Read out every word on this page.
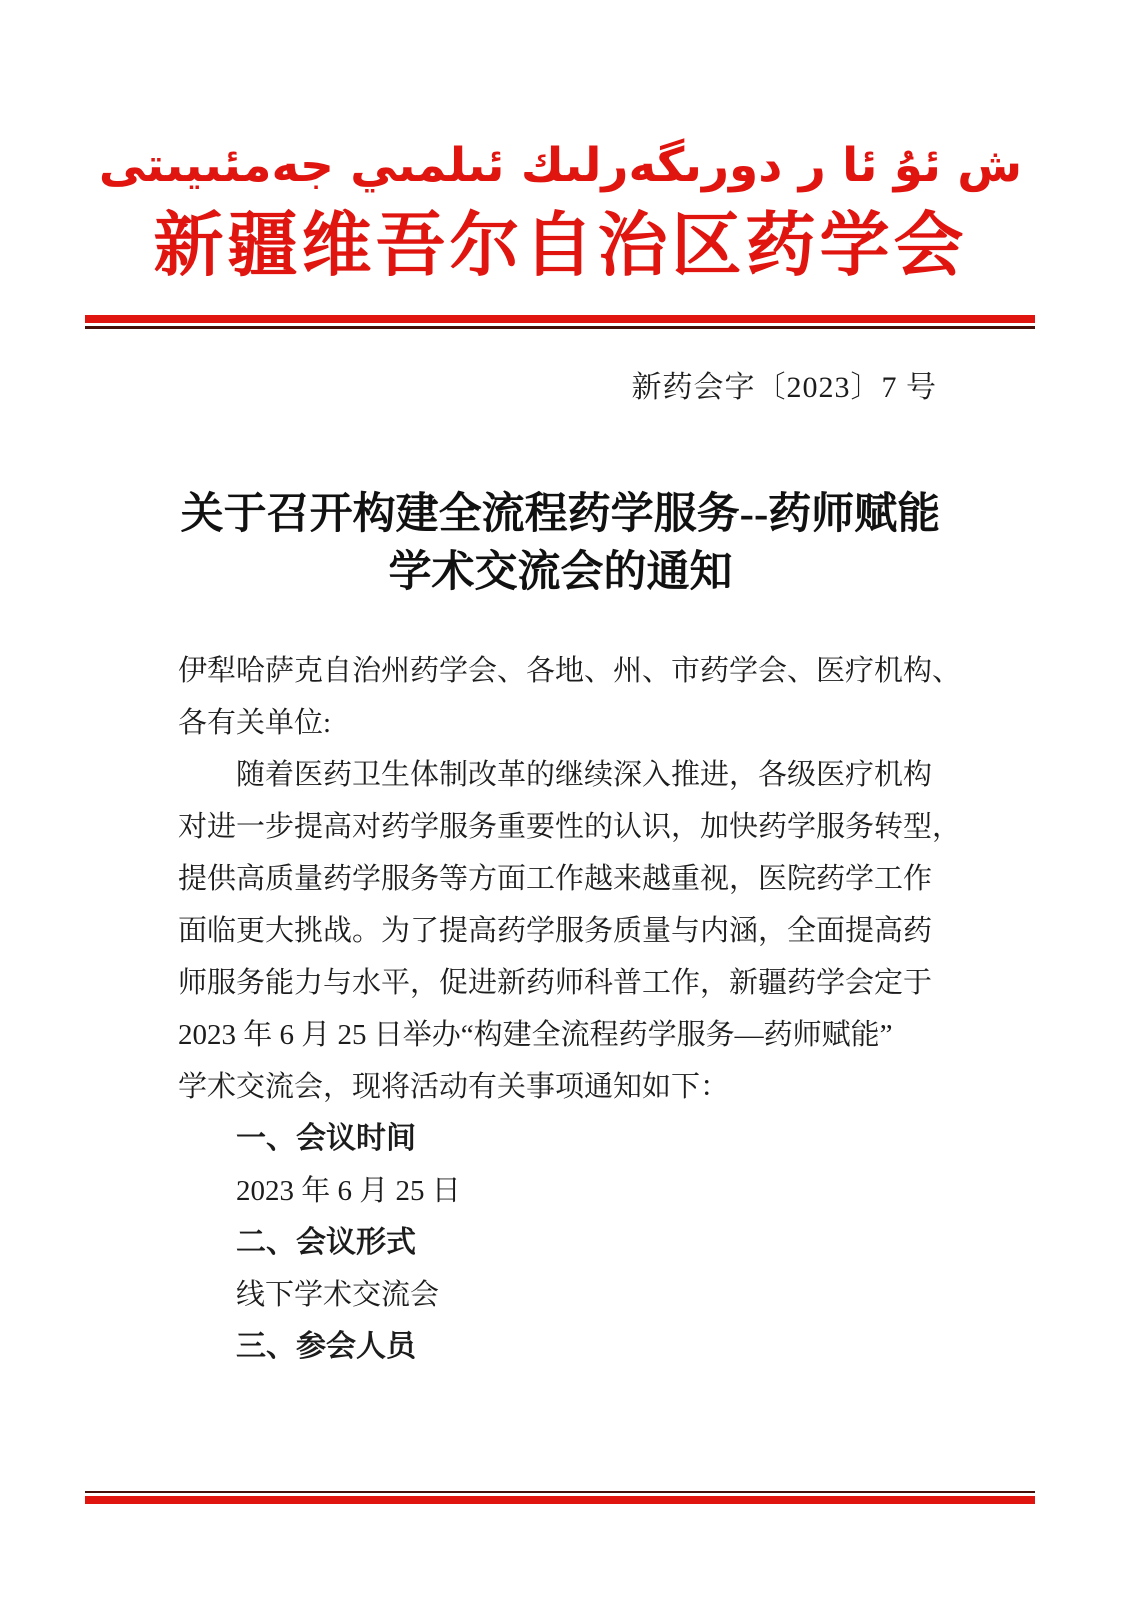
ش ئۇ ئا ر دورىگەرلىك ئىلمىي جەمئىيىتى
新疆维吾尔自治区药学会
新药会字〔2023〕7 号
关于召开构建全流程药学服务--药师赋能
学术交流会的通知
伊犁哈萨克自治州药学会、各地、州、市药学会、医疗机构、
各有关单位:
随着医药卫生体制改革的继续深入推进，各级医疗机构
对进一步提高对药学服务重要性的认识，加快药学服务转型，
提供高质量药学服务等方面工作越来越重视，医院药学工作
面临更大挑战。为了提高药学服务质量与内涵，全面提高药
师服务能力与水平，促进新药师科普工作，新疆药学会定于
2023 年 6 月 25 日举办“构建全流程药学服务—药师赋能”
学术交流会，现将活动有关事项通知如下：
一、会议时间
2023 年 6 月 25 日
二、会议形式
线下学术交流会
三、参会人员
